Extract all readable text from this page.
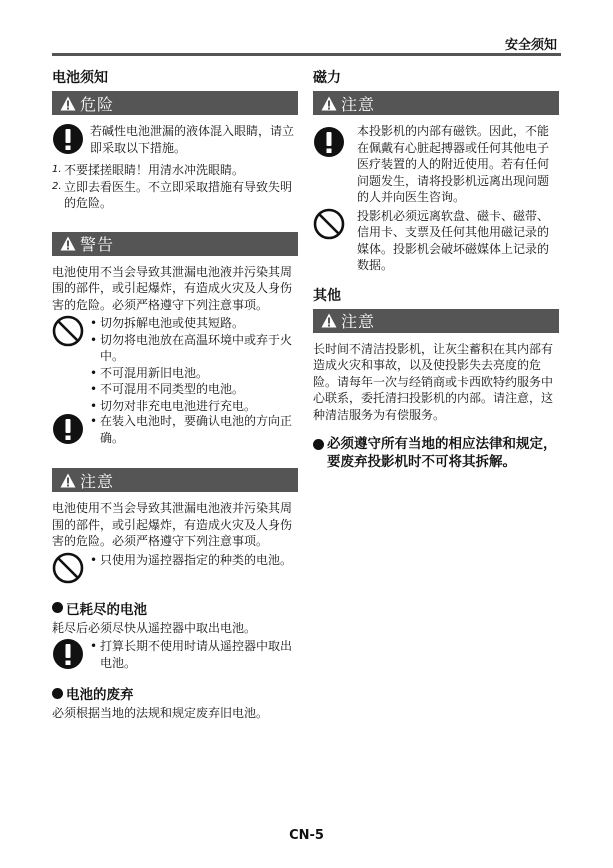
安全须知
电池须知
危险

若碱性电池泄漏的液体混入眼睛，请立即采取以下措施。

1. 不要揉搓眼睛！用清水冲洗眼睛。
2. 立即去看医生。不立即采取措施有导致失明的危险。
警告

电池使用不当会导致其泄漏电池液并污染其周围的部件，或引起爆炸，有造成火灾及人身伤害的危险。必须严格遵守下列注意事项。

• 切勿拆解电池或使其短路。
• 切勿将电池放在高温环境中或弃于火中。
• 不可混用新旧电池。
• 不可混用不同类型的电池。
• 切勿对非充电电池进行充电。
• 在装入电池时，要确认电池的方向正确。
注意

电池使用不当会导致其泄漏电池液并污染其周围的部件，或引起爆炸，有造成火灾及人身伤害的危险。必须严格遵守下列注意事项。

• 只使用为遥控器指定的种类的电池。
已耗尽的电池

耗尽后必须尽快从遥控器中取出电池。

• 打算长期不使用时请从遥控器中取出电池。
电池的废弃

必须根据当地的法规和规定废弃旧电池。

磁力
注意

本投影机的内部有磁铁。因此，不能在佩戴有心脏起搏器或任何其他电子医疗装置的人的附近使用。若有任何问题发生，请将投影机远离出现问题的人并向医生咨询。

投影机必须远离软盘、磁卡、磁带、信用卡、支票及任何其他用磁记录的媒体。投影机会破坏磁媒体上记录的数据。

其他
注意

长时间不清洁投影机，让灰尘蓄积在其内部有造成火灾和事故，以及使投影失去亮度的危险。请每年一次与经销商或卡西欧特约服务中心联系，委托清扫投影机的内部。请注意，这种清洁服务为有偿服务。

必须遵守所有当地的相应法律和规定，要废弃投影机时不可将其拆解。
CN-5
